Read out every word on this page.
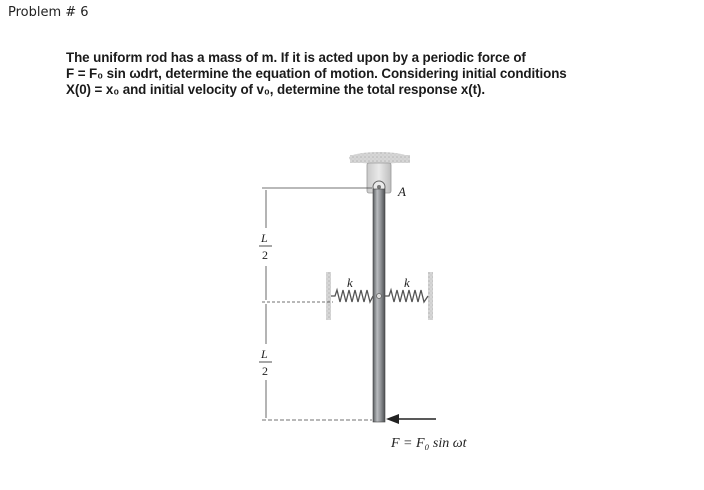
Problem # 6
The uniform rod has a mass of m. If it is acted upon by a periodic force of
F = F₀ sin ωdrt, determine the equation of motion. Considering initial conditions
X(0) = x₀ and initial velocity of v₀, determine the total response x(t).
A
k	k
L
2
L
2
F = F₀ sin ωt
